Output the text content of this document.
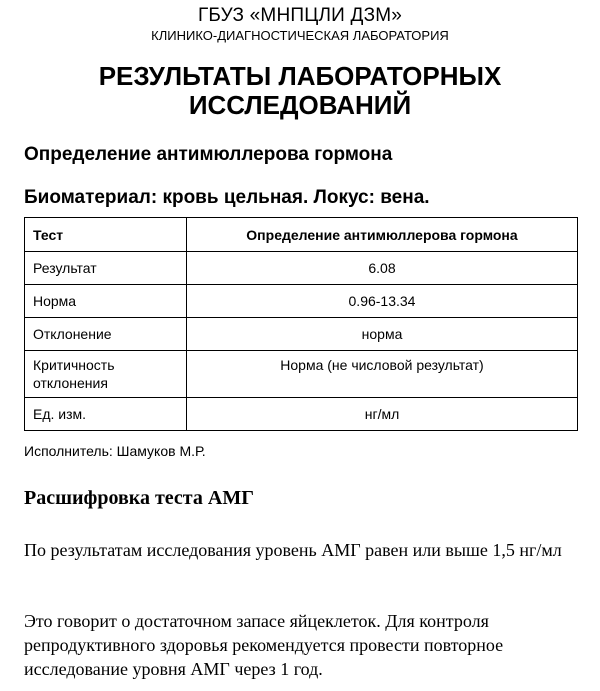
ГБУЗ «МНПЦЛИ ДЗМ»
КЛИНИКО-ДИАГНОСТИЧЕСКАЯ ЛАБОРАТОРИЯ
РЕЗУЛЬТАТЫ ЛАБОРАТОРНЫХ ИССЛЕДОВАНИЙ
Определение антимюллерова гормона
Биоматериал: кровь цельная. Локус: вена.
Тест	Определение антимюллерова гормона
Результат	6.08
Норма	0.96-13.34
Отклонение	норма
Критичность отклонения	Норма (не числовой результат)
Ед. изм.	нг/мл
Исполнитель: Шамуков М.Р.
Расшифровка теста АМГ
По результатам исследования уровень АМГ равен или выше 1,5 нг/мл
Это говорит о достаточном запасе яйцеклеток. Для контроля репродуктивного здоровья рекомендуется провести повторное исследование уровня АМГ через 1 год.
